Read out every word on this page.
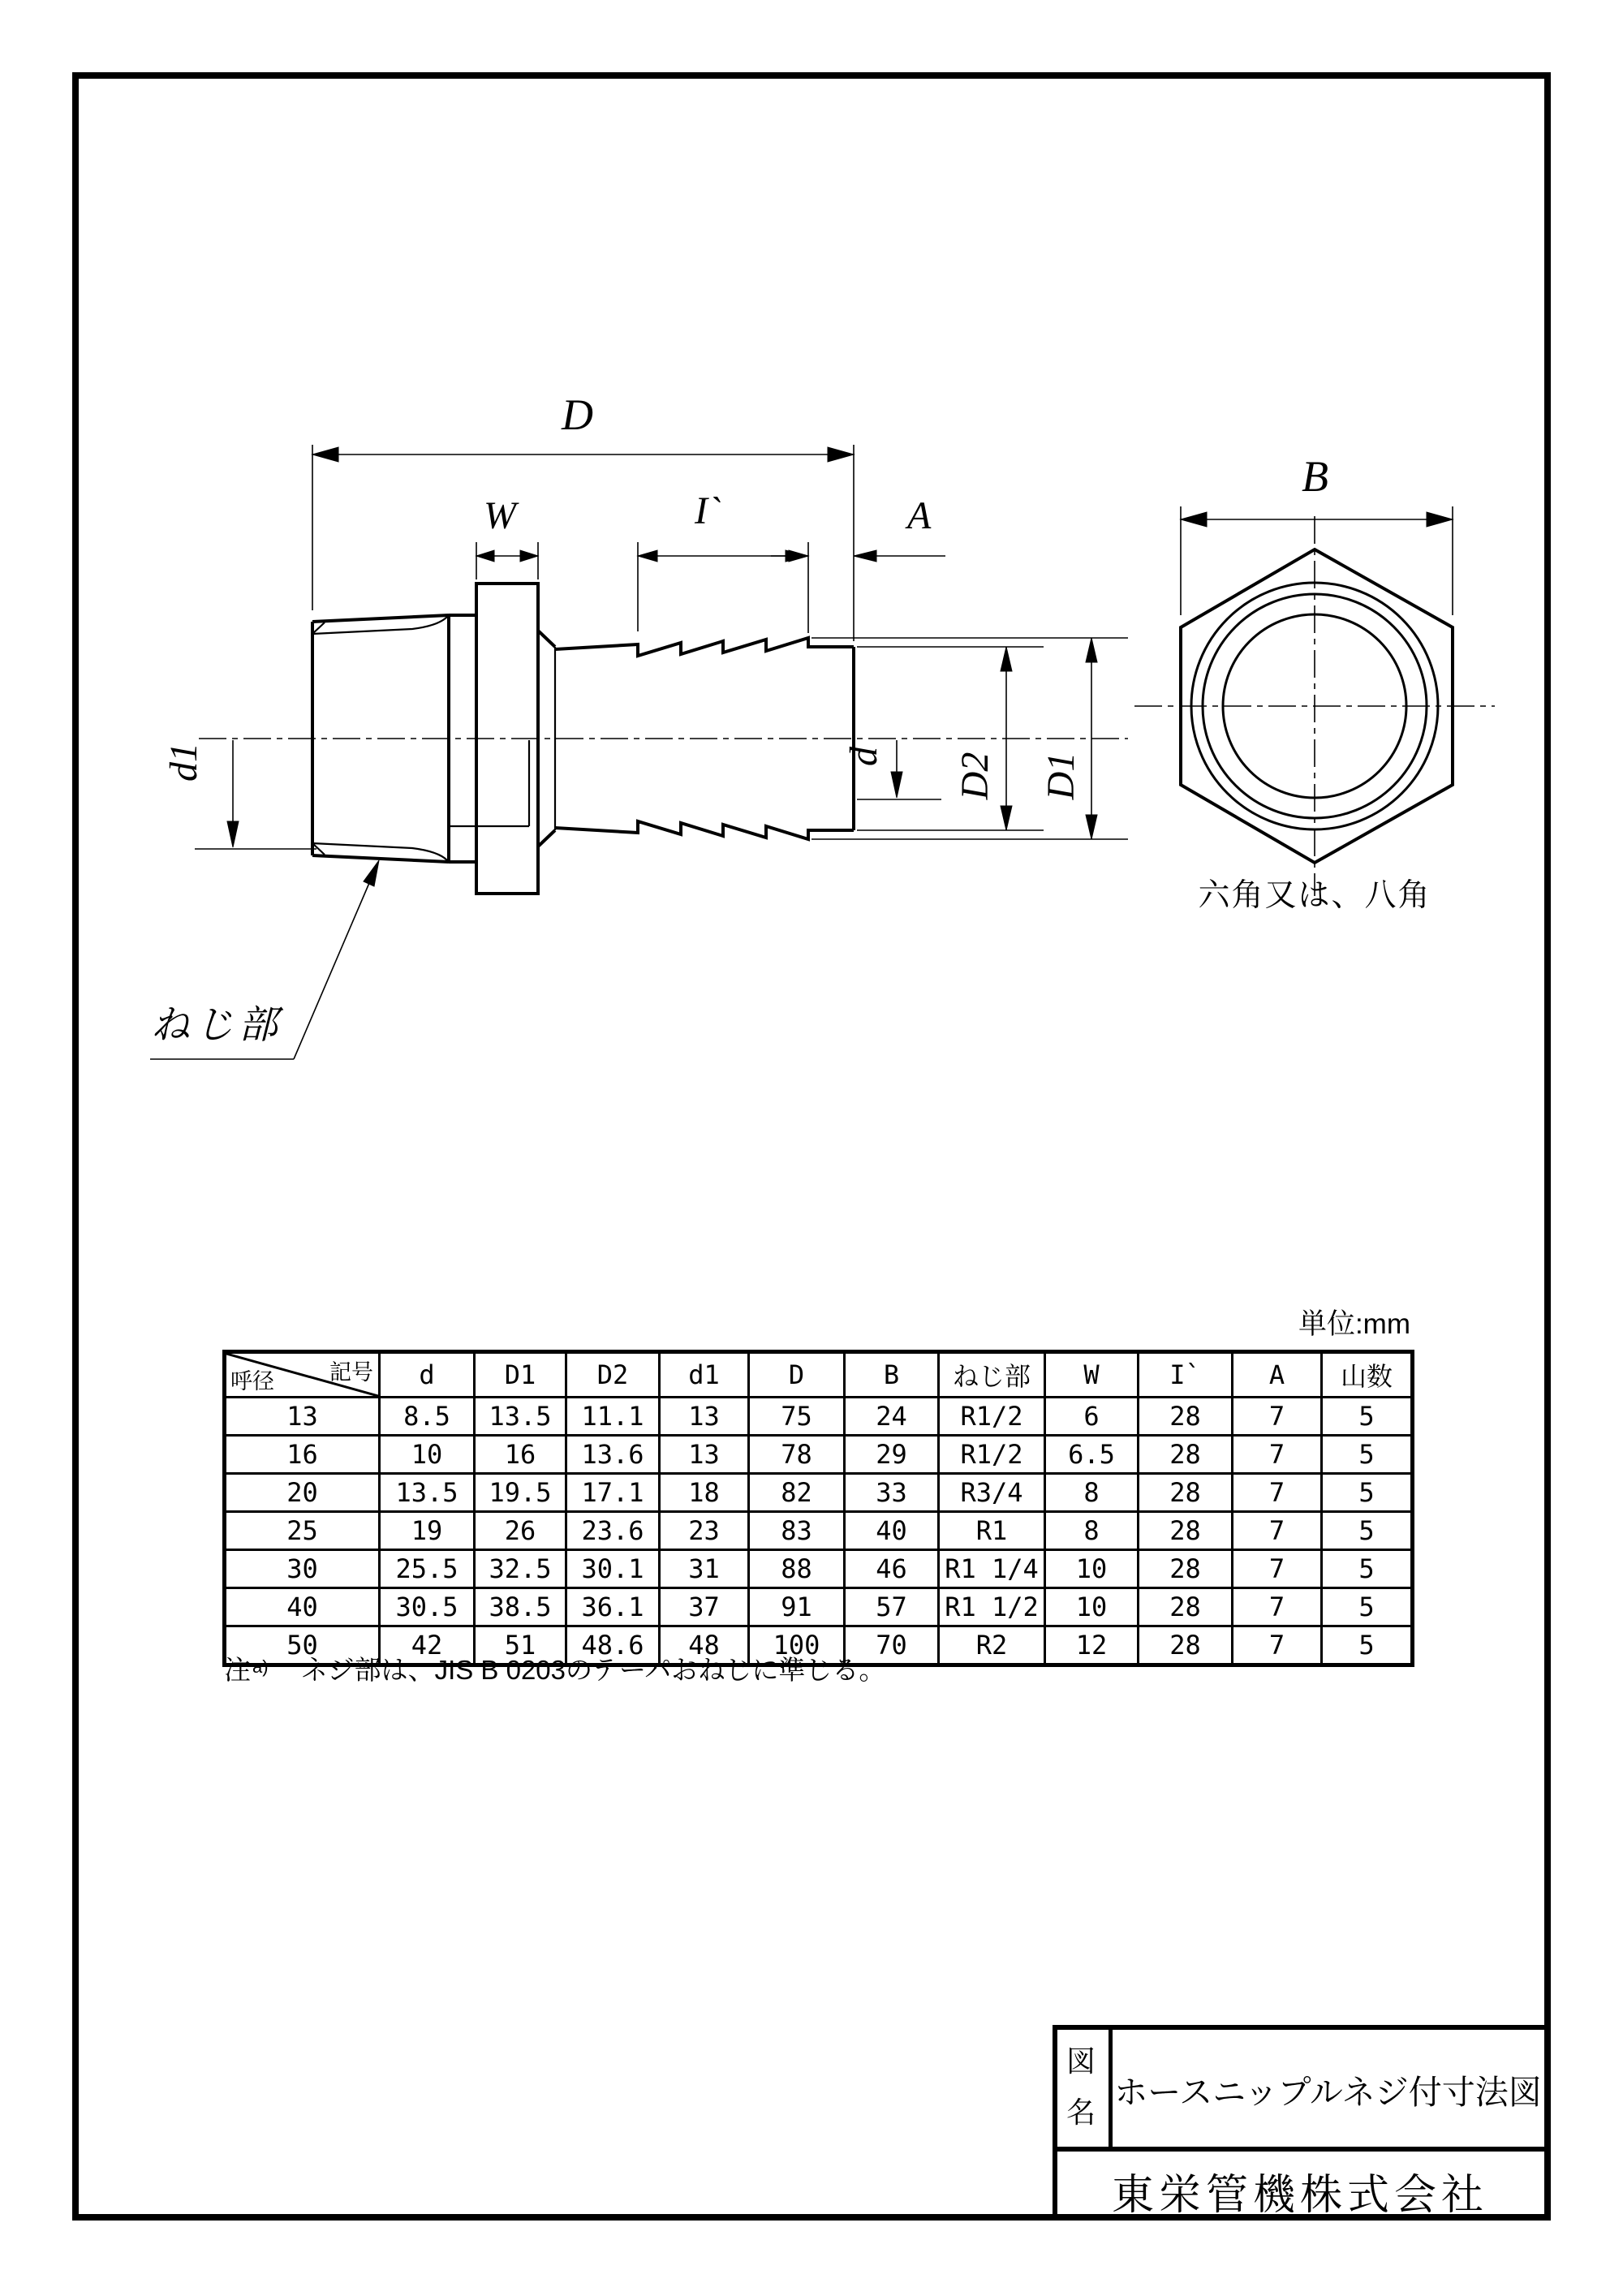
D
W	I`	A
B
d1	d D2 D1
ねじ部
六角又は、八角
単位:mm
記号
呼径	d	D1	D2	d1	D	B	ねじ部	W	I`	A	山数
13	8.5	13.5	11.1	13	75	24	R1/2	6	28	7	5
16	10	16	13.6	13	78	29	R1/2	6.5	28	7	5
20	13.5	19.5	17.1	18	82	33	R3/4	8	28	7	5
25	19	26	23.6	23	83	40	R1	8	28	7	5
30	25.5	32.5	30.1	31	88	46	R1 1/4	10	28	7	5
40	30.5	38.5	36.1	37	91	57	R1 1/2	10	28	7	5
50	42	51	48.6	48	100	70	R2	12	28	7	5
注$^{a)}$ ネジ部は、JIS B 0203のテーパおねじに準じる。
図名
ホースニップルネジ付寸法図
東栄管機株式会社
